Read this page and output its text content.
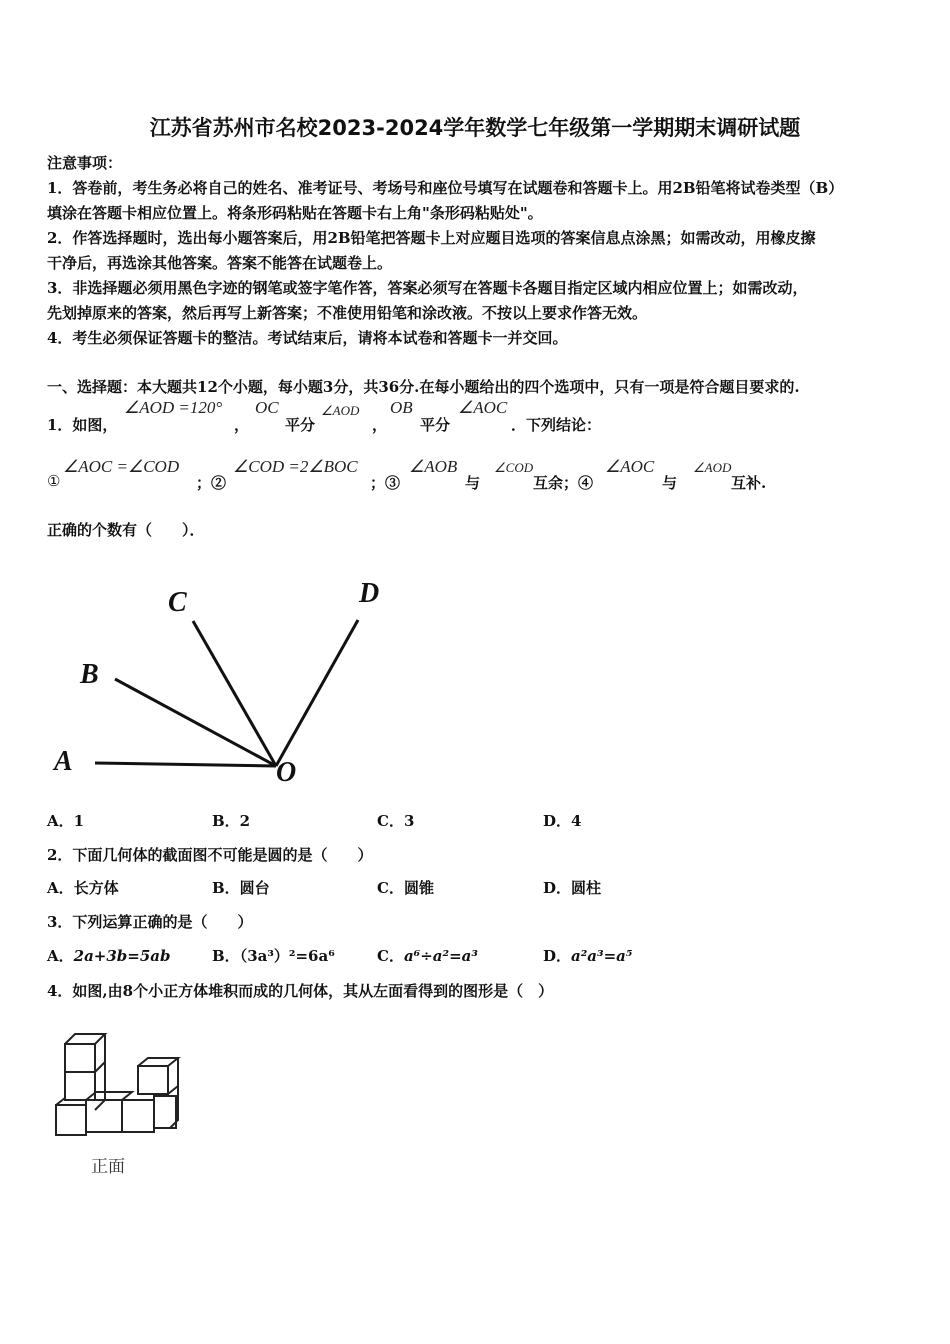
江苏省苏州市名校2023-2024学年数学七年级第一学期期末调研试题
注意事项：
1．答卷前，考生务必将自己的姓名、准考证号、考场号和座位号填写在试题卷和答题卡上。用2B铅笔将试卷类型（B）
填涂在答题卡相应位置上。将条形码粘贴在答题卡右上角"条形码粘贴处"。
2．作答选择题时，选出每小题答案后，用2B铅笔把答题卡上对应题目选项的答案信息点涂黑；如需改动，用橡皮擦
干净后，再选涂其他答案。答案不能答在试题卷上。
3．非选择题必须用黑色字迹的钢笔或签字笔作答，答案必须写在答题卡各题目指定区域内相应位置上；如需改动，
先划掉原来的答案，然后再写上新答案；不准使用铅笔和涂改液。不按以上要求作答无效。
4．考生必须保证答题卡的整洁。考试结束后，请将本试卷和答题卡一并交回。
一、选择题：本大题共12个小题，每小题3分，共36分.在每小题给出的四个选项中，只有一项是符合题目要求的.
1．如图，
∠AOD =120°
，
OC
平分
∠AOD
，
OB
平分
∠AOC
．下列结论：
①
∠AOC =∠COD
；②
∠COD =2∠BOC
；③
∠AOB
与
∠COD
互余；④
∠AOC
与
∠AOD
互补.
正确的个数有（　　）．
A
B
C	D
O
A．1	B．2	C．3	D．4
2．下面几何体的截面图不可能是圆的是（　　）
A．长方体	B．圆台	C．圆锥	D．圆柱
3．下列运算正确的是（　　）
A．2a+3b=5ab	B．（3a³）²=6a⁶	C．a⁶÷a²=a³	D．a²a³=a⁵
4．如图,由8个小正方体堆积而成的几何体，其从左面看得到的图形是（　）
正面
